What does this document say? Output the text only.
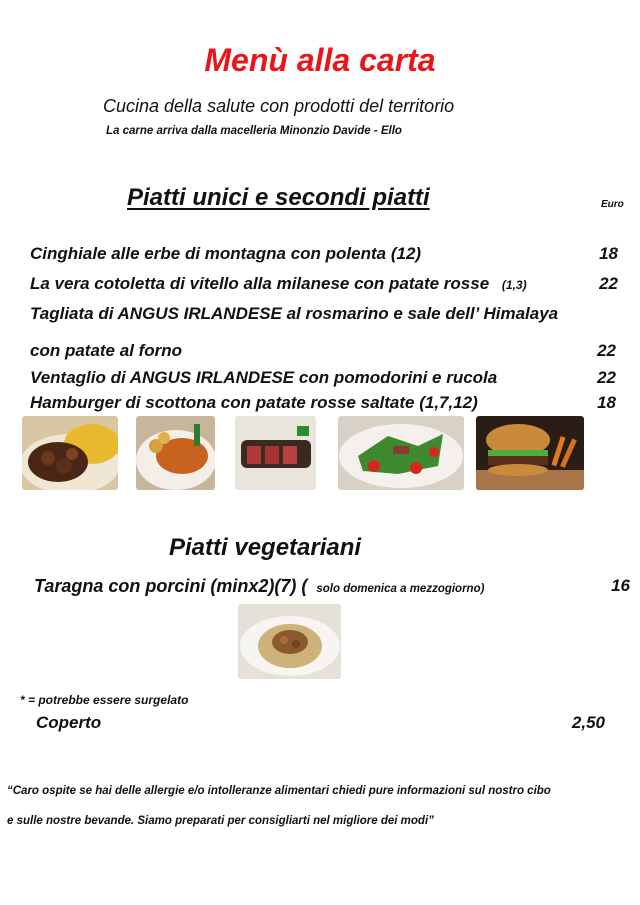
Menù alla carta
Cucina della salute con prodotti del territorio
La carne arriva dalla macelleria Minonzio Davide - Ello
Piatti unici e secondi piatti	Euro
Cinghiale alle erbe di montagna con polenta (12)	18
La vera cotoletta di vitello alla milanese con patate rosse (1,3)	22
Tagliata di ANGUS IRLANDESE al rosmarino e sale dell’ Himalaya
con patate al forno	22
Ventaglio di ANGUS IRLANDESE con pomodorini e rucola	22
Hamburger di scottona con patate rosse saltate (1,7,12)	18
Piatti vegetariani
Taragna con porcini (minx2)(7) ( solo domenica a mezzogiorno)	16
* = potrebbe essere surgelato
Coperto	2,50
“Caro ospite se hai delle allergie e/o intolleranze alimentari chiedi pure informazioni sul nostro cibo
e sulle nostre bevande. Siamo preparati per consigliarti nel migliore dei modi”
